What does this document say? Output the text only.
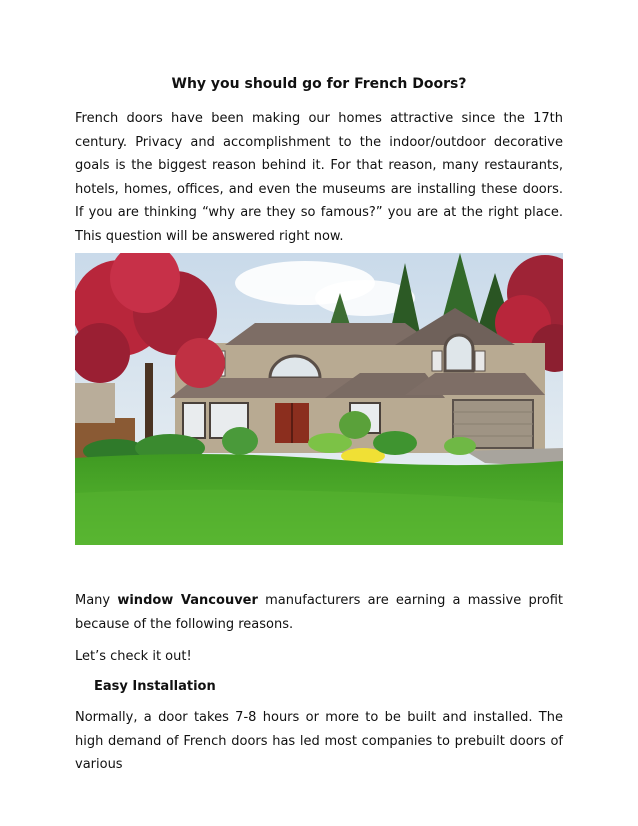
Why you should go for French Doors?

French doors have been making our homes attractive since the 17th century. Privacy and accomplishment to the indoor/outdoor decorative goals is the biggest reason behind it. For that reason, many restaurants, hotels, homes, offices, and even the museums are installing these doors. If you are thinking “why are they so famous?” you are at the right place. This question will be answered right now.

Many window Vancouver manufacturers are earning a massive profit because of the following reasons.

Let’s check it out!

Easy Installation

Normally, a door takes 7-8 hours or more to be built and installed. The high demand of French doors has led most companies to prebuilt doors of various
